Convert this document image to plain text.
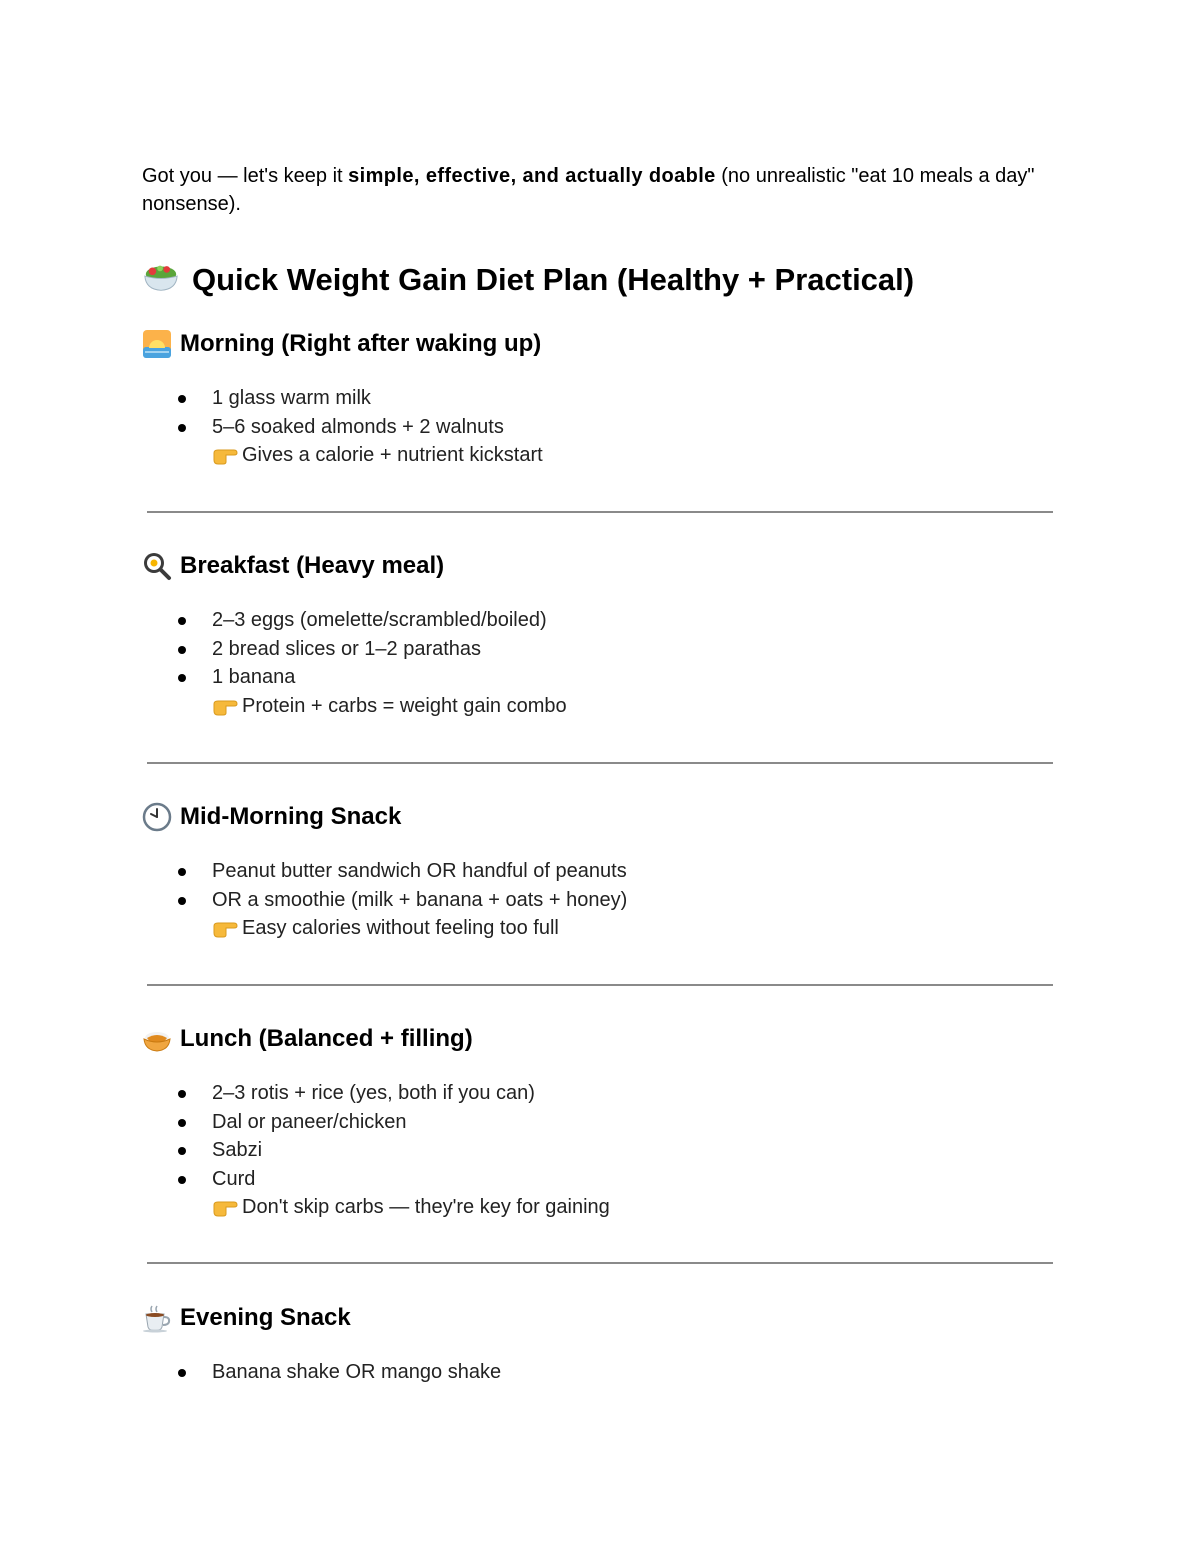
Got you — let's keep it simple, effective, and actually doable (no unrealistic "eat 10 meals a day" nonsense).

Quick Weight Gain Diet Plan (Healthy + Practical)
Morning (Right after waking up)
1 glass warm milk
5–6 soaked almonds + 2 walnuts
Gives a calorie + nutrient kickstart
Breakfast (Heavy meal)
2–3 eggs (omelette/scrambled/boiled)
2 bread slices or 1–2 parathas
1 banana
Protein + carbs = weight gain combo
Mid-Morning Snack
Peanut butter sandwich OR handful of peanuts
OR a smoothie (milk + banana + oats + honey)
Easy calories without feeling too full
Lunch (Balanced + filling)
2–3 rotis + rice (yes, both if you can)
Dal or paneer/chicken
Sabzi
Curd
Don't skip carbs — they're key for gaining
Evening Snack
Banana shake OR mango shake
